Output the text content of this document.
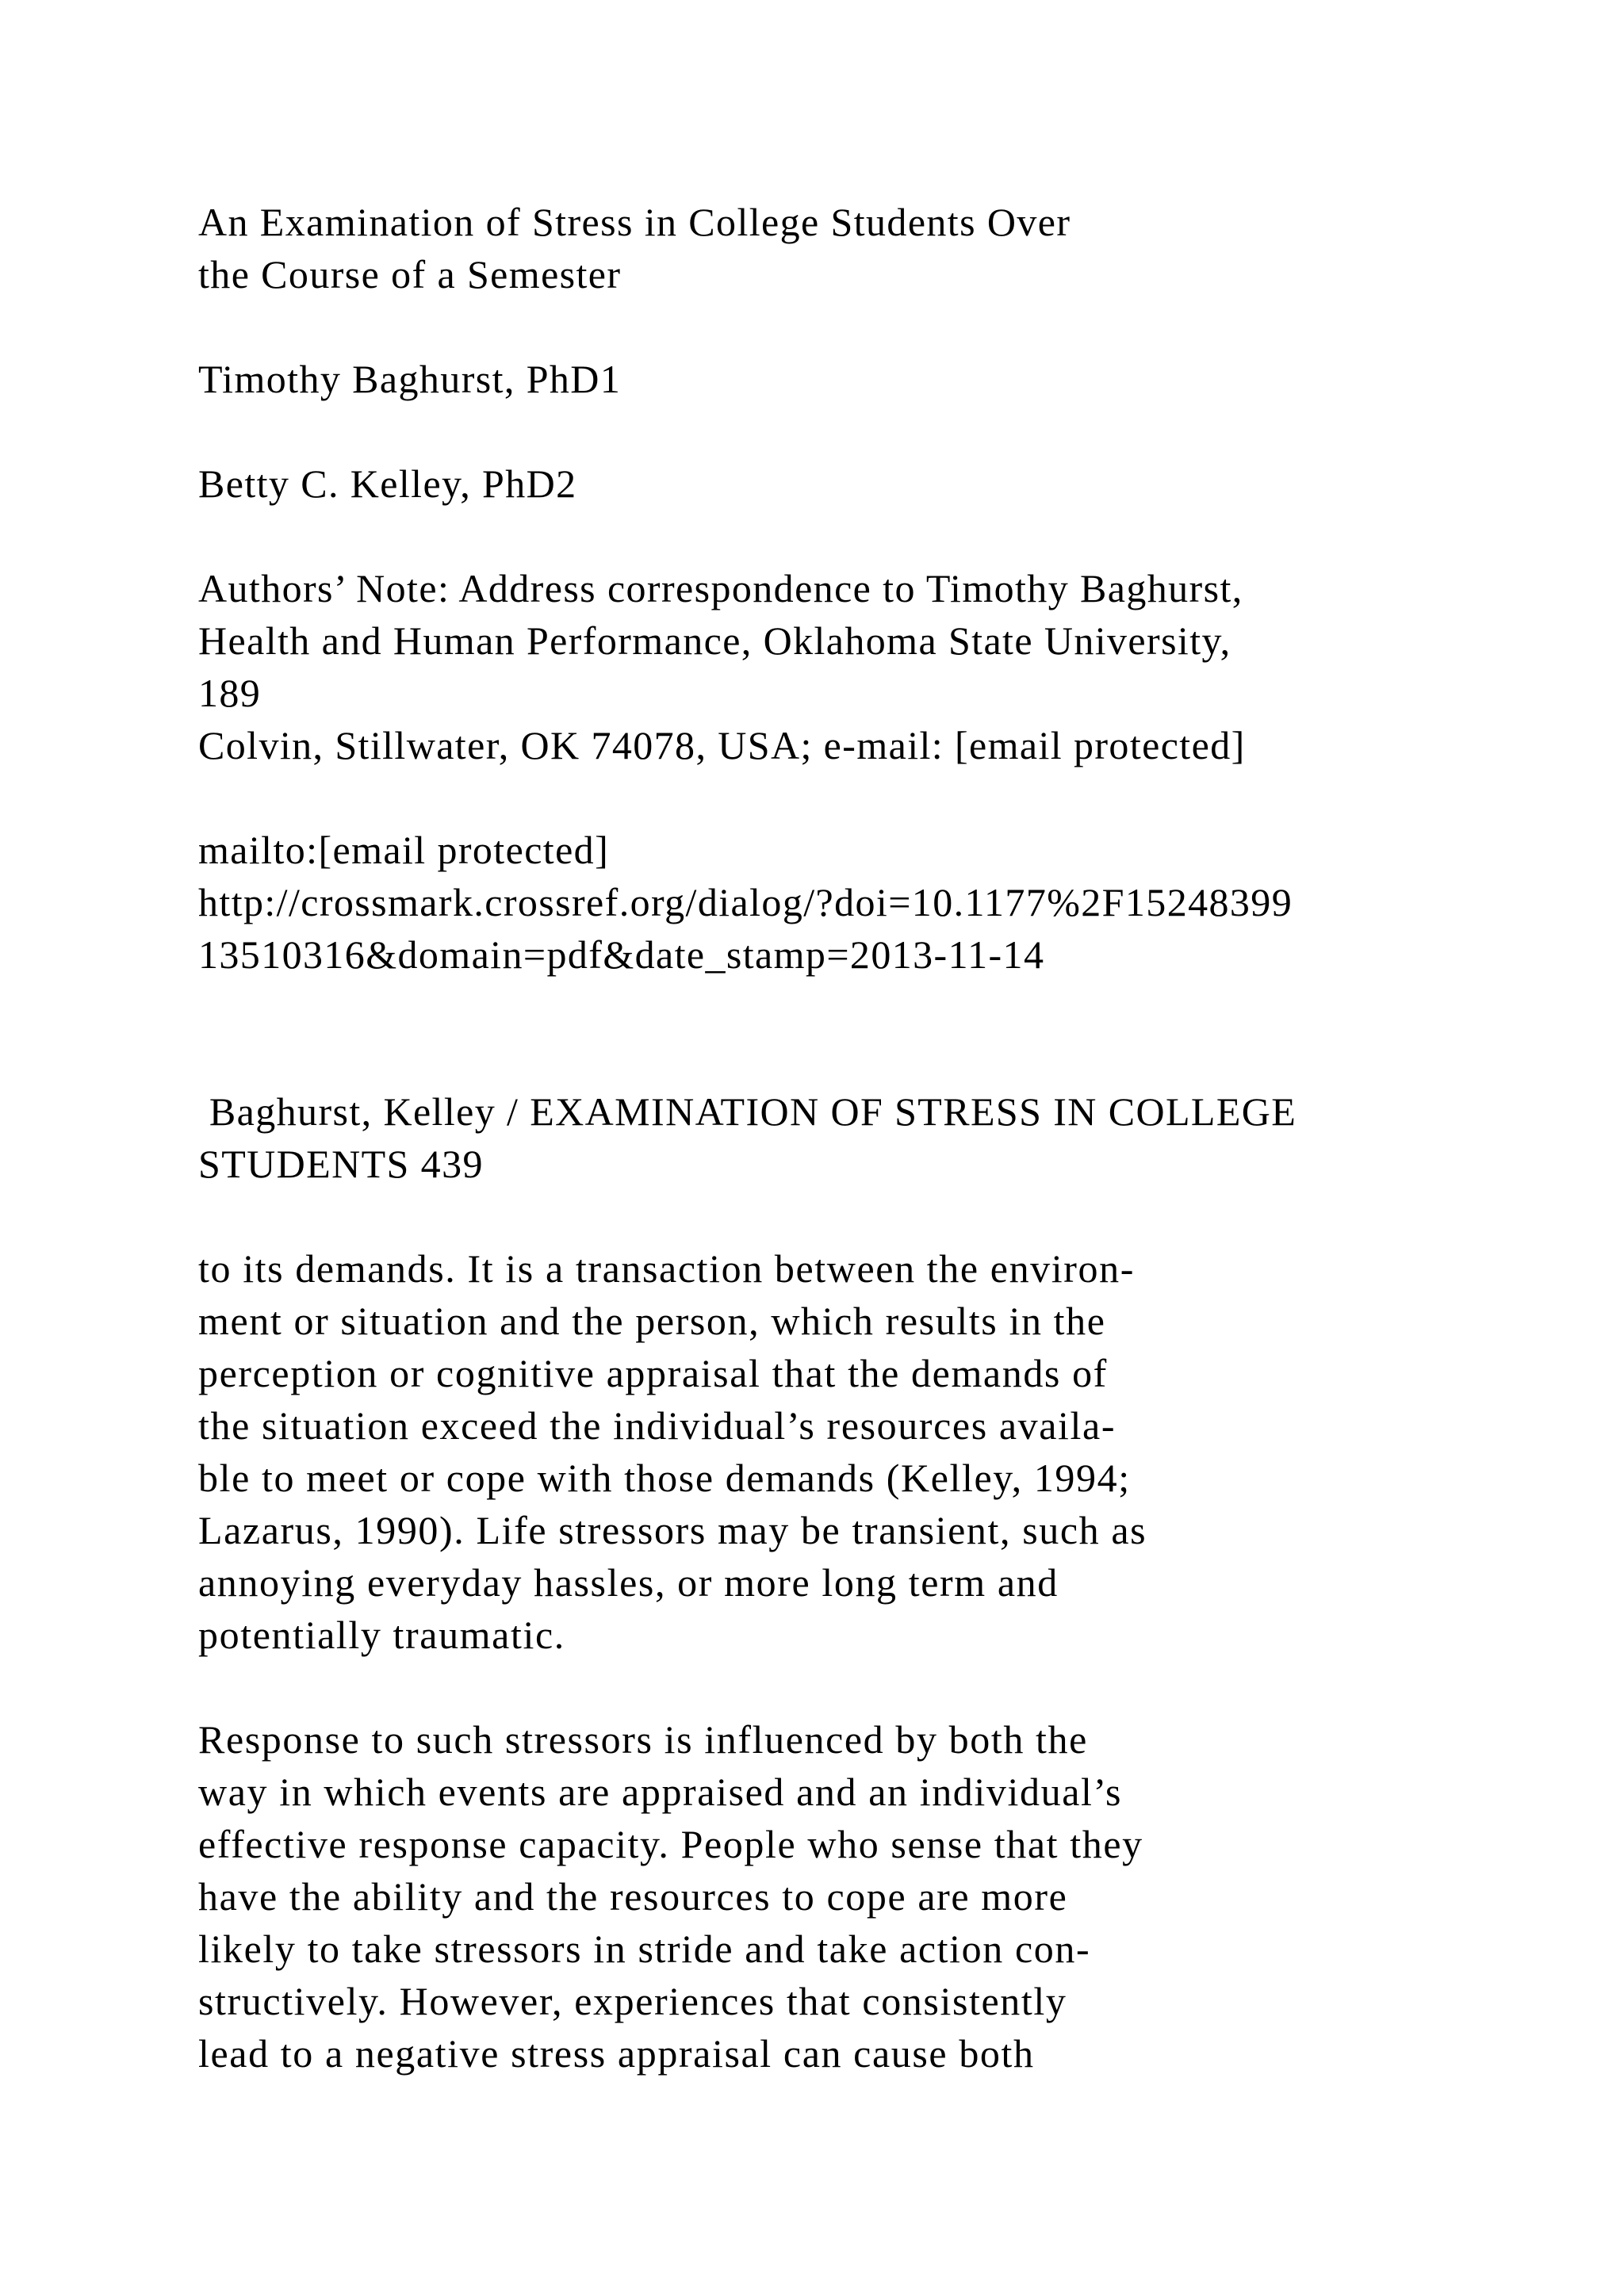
An Examination of Stress in College Students Over

the Course of a Semester

Timothy Baghurst, PhD1

Betty C. Kelley, PhD2

Authors’ Note: Address correspondence to Timothy Baghurst,

Health and Human Performance, Oklahoma State University,

189

Colvin, Stillwater, OK 74078, USA; e-mail: [email protected]

mailto:[email protected]

http://crossmark.crossref.org/dialog/?doi=10.1177%2F15248399

13510316&domain=pdf&date_stamp=2013-11-14

Baghurst, Kelley / EXAMINATION OF STRESS IN COLLEGE

STUDENTS 439

to its demands. It is a transaction between the environ-

ment or situation and the person, which results in the

perception or cognitive appraisal that the demands of

the situation exceed the individual’s resources availa-

ble to meet or cope with those demands (Kelley, 1994;

Lazarus, 1990). Life stressors may be transient, such as

annoying everyday hassles, or more long term and

potentially traumatic.

Response to such stressors is influenced by both the

way in which events are appraised and an individual’s

effective response capacity. People who sense that they

have the ability and the resources to cope are more

likely to take stressors in stride and take action con-

structively. However, experiences that consistently

lead to a negative stress appraisal can cause both
